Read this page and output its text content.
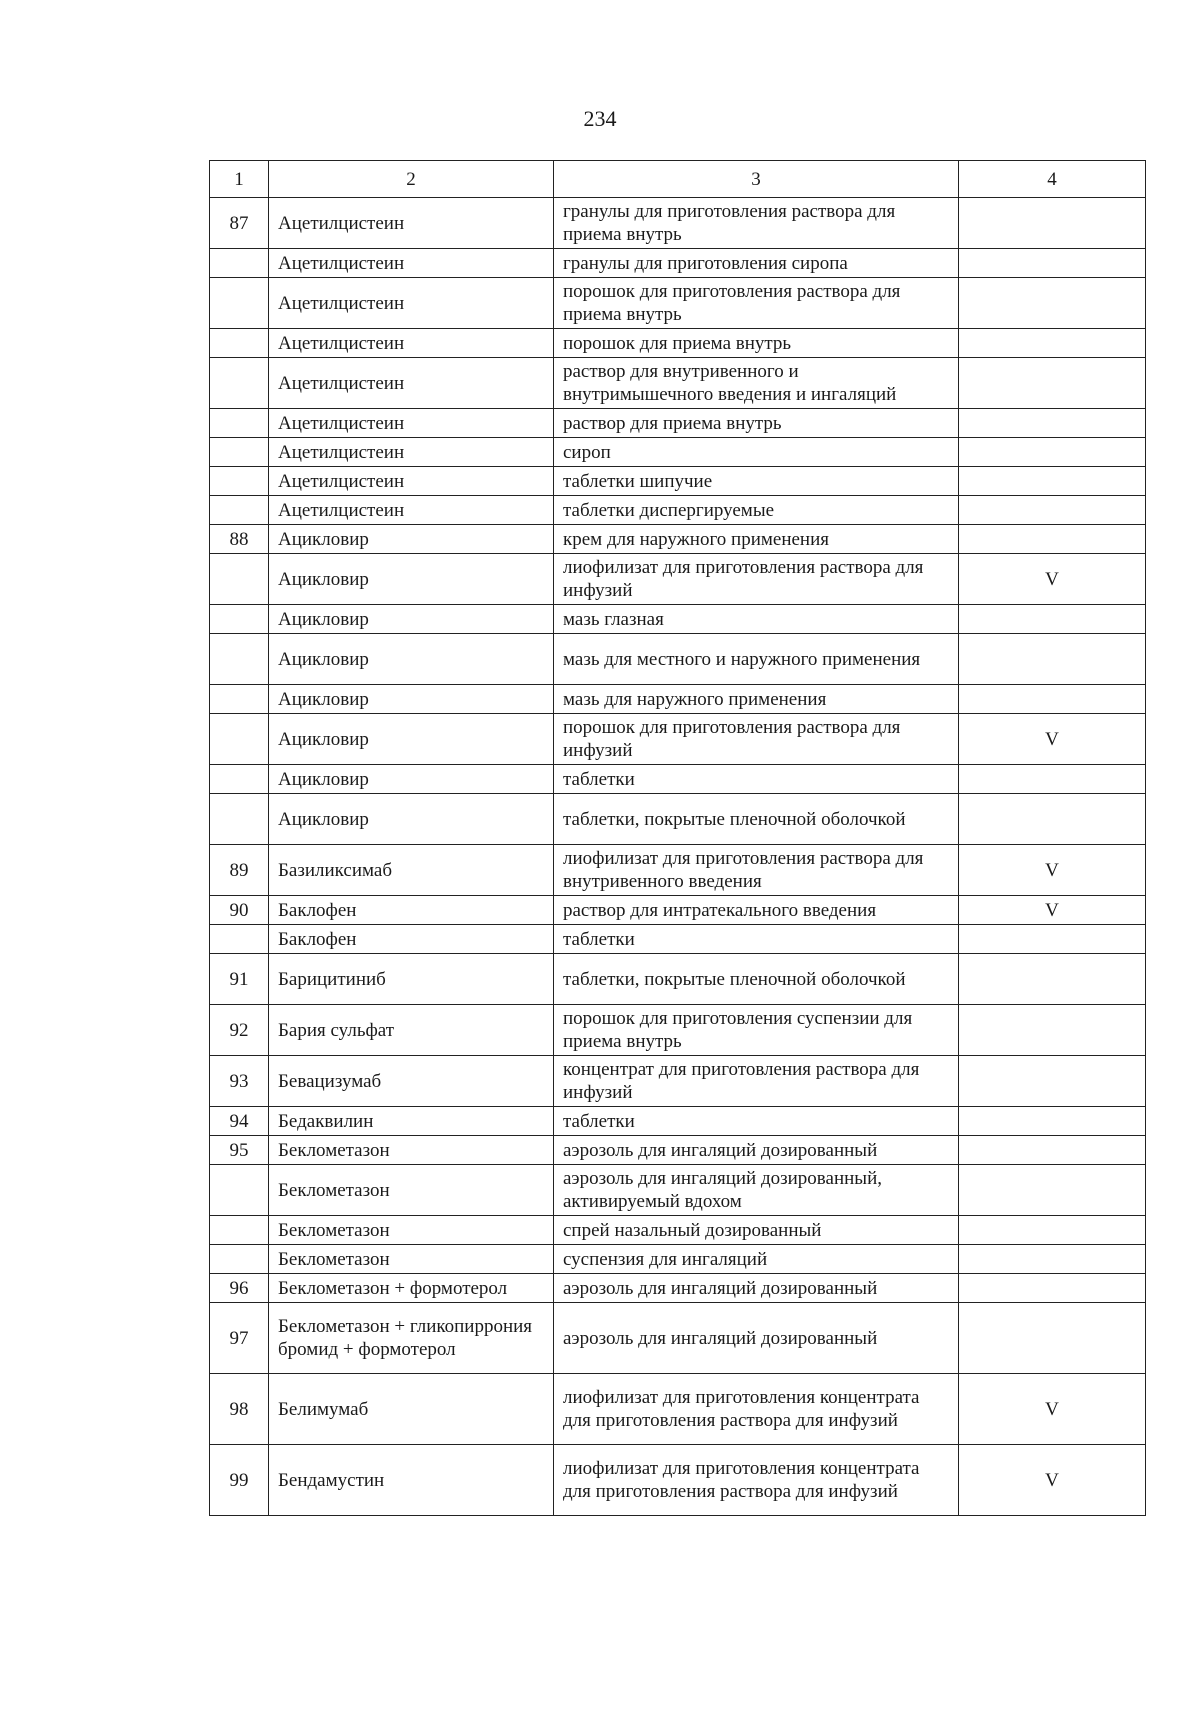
234
1	2	3	4
87	Ацетилцистеин	гранулы для приготовления раствора для приема внутрь	
	Ацетилцистеин	гранулы для приготовления сиропа	
	Ацетилцистеин	порошок для приготовления раствора для приема внутрь	
	Ацетилцистеин	порошок для приема внутрь	
	Ацетилцистеин	раствор для внутривенного и внутримышечного введения и ингаляций	
	Ацетилцистеин	раствор для приема внутрь	
	Ацетилцистеин	сироп	
	Ацетилцистеин	таблетки шипучие	
	Ацетилцистеин	таблетки диспергируемые	
88	Ацикловир	крем для наружного применения	
	Ацикловир	лиофилизат для приготовления раствора для инфузий	V
	Ацикловир	мазь глазная	
	Ацикловир	мазь для местного и наружного применения	
	Ацикловир	мазь для наружного применения	
	Ацикловир	порошок для приготовления раствора для инфузий	V
	Ацикловир	таблетки	
	Ацикловир	таблетки, покрытые пленочной оболочкой	
89	Базиликсимаб	лиофилизат для приготовления раствора для внутривенного введения	V
90	Баклофен	раствор для интратекального введения	V
	Баклофен	таблетки	
91	Барицитиниб	таблетки, покрытые пленочной оболочкой	
92	Бария сульфат	порошок для приготовления суспензии для приема внутрь	
93	Бевацизумаб	концентрат для приготовления раствора для инфузий	
94	Бедаквилин	таблетки	
95	Беклометазон	аэрозоль для ингаляций дозированный	
	Беклометазон	аэрозоль для ингаляций дозированный, активируемый вдохом	
	Беклометазон	спрей назальный дозированный	
	Беклометазон	суспензия для ингаляций	
96	Беклометазон + формотерол	аэрозоль для ингаляций дозированный	
97	Беклометазон + гликопиррония бромид + формотерол	аэрозоль для ингаляций дозированный	
98	Белимумаб	лиофилизат для приготовления концентрата для приготовления раствора для инфузий	V
99	Бендамустин	лиофилизат для приготовления концентрата для приготовления раствора для инфузий	V
